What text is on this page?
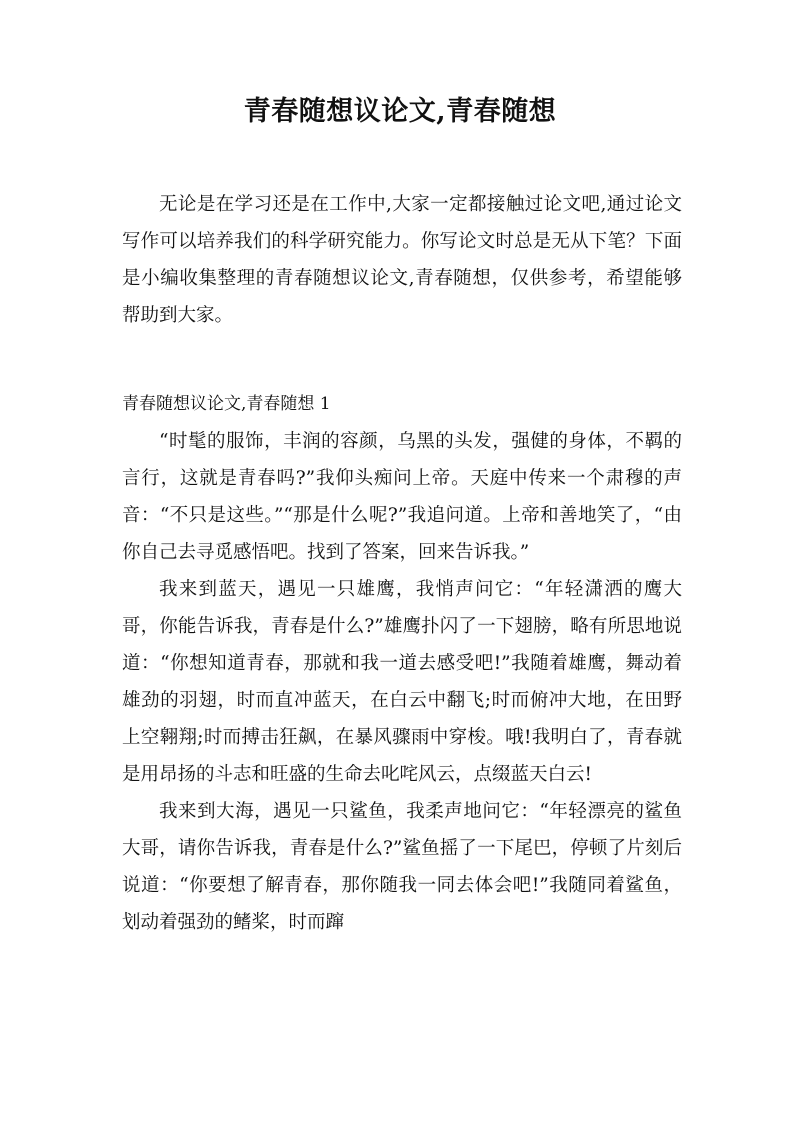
青春随想议论文,青春随想

无论是在学习还是在工作中,大家一定都接触过论文吧,通过论文写作可以培养我们的科学研究能力。你写论文时总是无从下笔？下面是小编收集整理的青春随想议论文,青春随想，仅供参考，希望能够帮助到大家。

青春随想议论文,青春随想 1

“时髦的服饰，丰润的容颜，乌黑的头发，强健的身体，不羁的言行，这就是青春吗?”我仰头痴问上帝。天庭中传来一个肃穆的声音：“不只是这些。”“那是什么呢?”我追问道。上帝和善地笑了，“由你自己去寻觅感悟吧。找到了答案，回来告诉我。”

我来到蓝天，遇见一只雄鹰，我悄声问它：“年轻潇洒的鹰大哥，你能告诉我，青春是什么?”雄鹰扑闪了一下翅膀，略有所思地说道：“你想知道青春，那就和我一道去感受吧!”我随着雄鹰，舞动着雄劲的羽翅，时而直冲蓝天，在白云中翻飞;时而俯冲大地，在田野上空翱翔;时而搏击狂飙，在暴风骤雨中穿梭。哦!我明白了，青春就是用昂扬的斗志和旺盛的生命去叱咤风云，点缀蓝天白云!

我来到大海，遇见一只鲨鱼，我柔声地问它：“年轻漂亮的鲨鱼大哥，请你告诉我，青春是什么?”鲨鱼摇了一下尾巴，停顿了片刻后说道：“你要想了解青春，那你随我一同去体会吧!”我随同着鲨鱼，划动着强劲的鳍桨，时而蹿
